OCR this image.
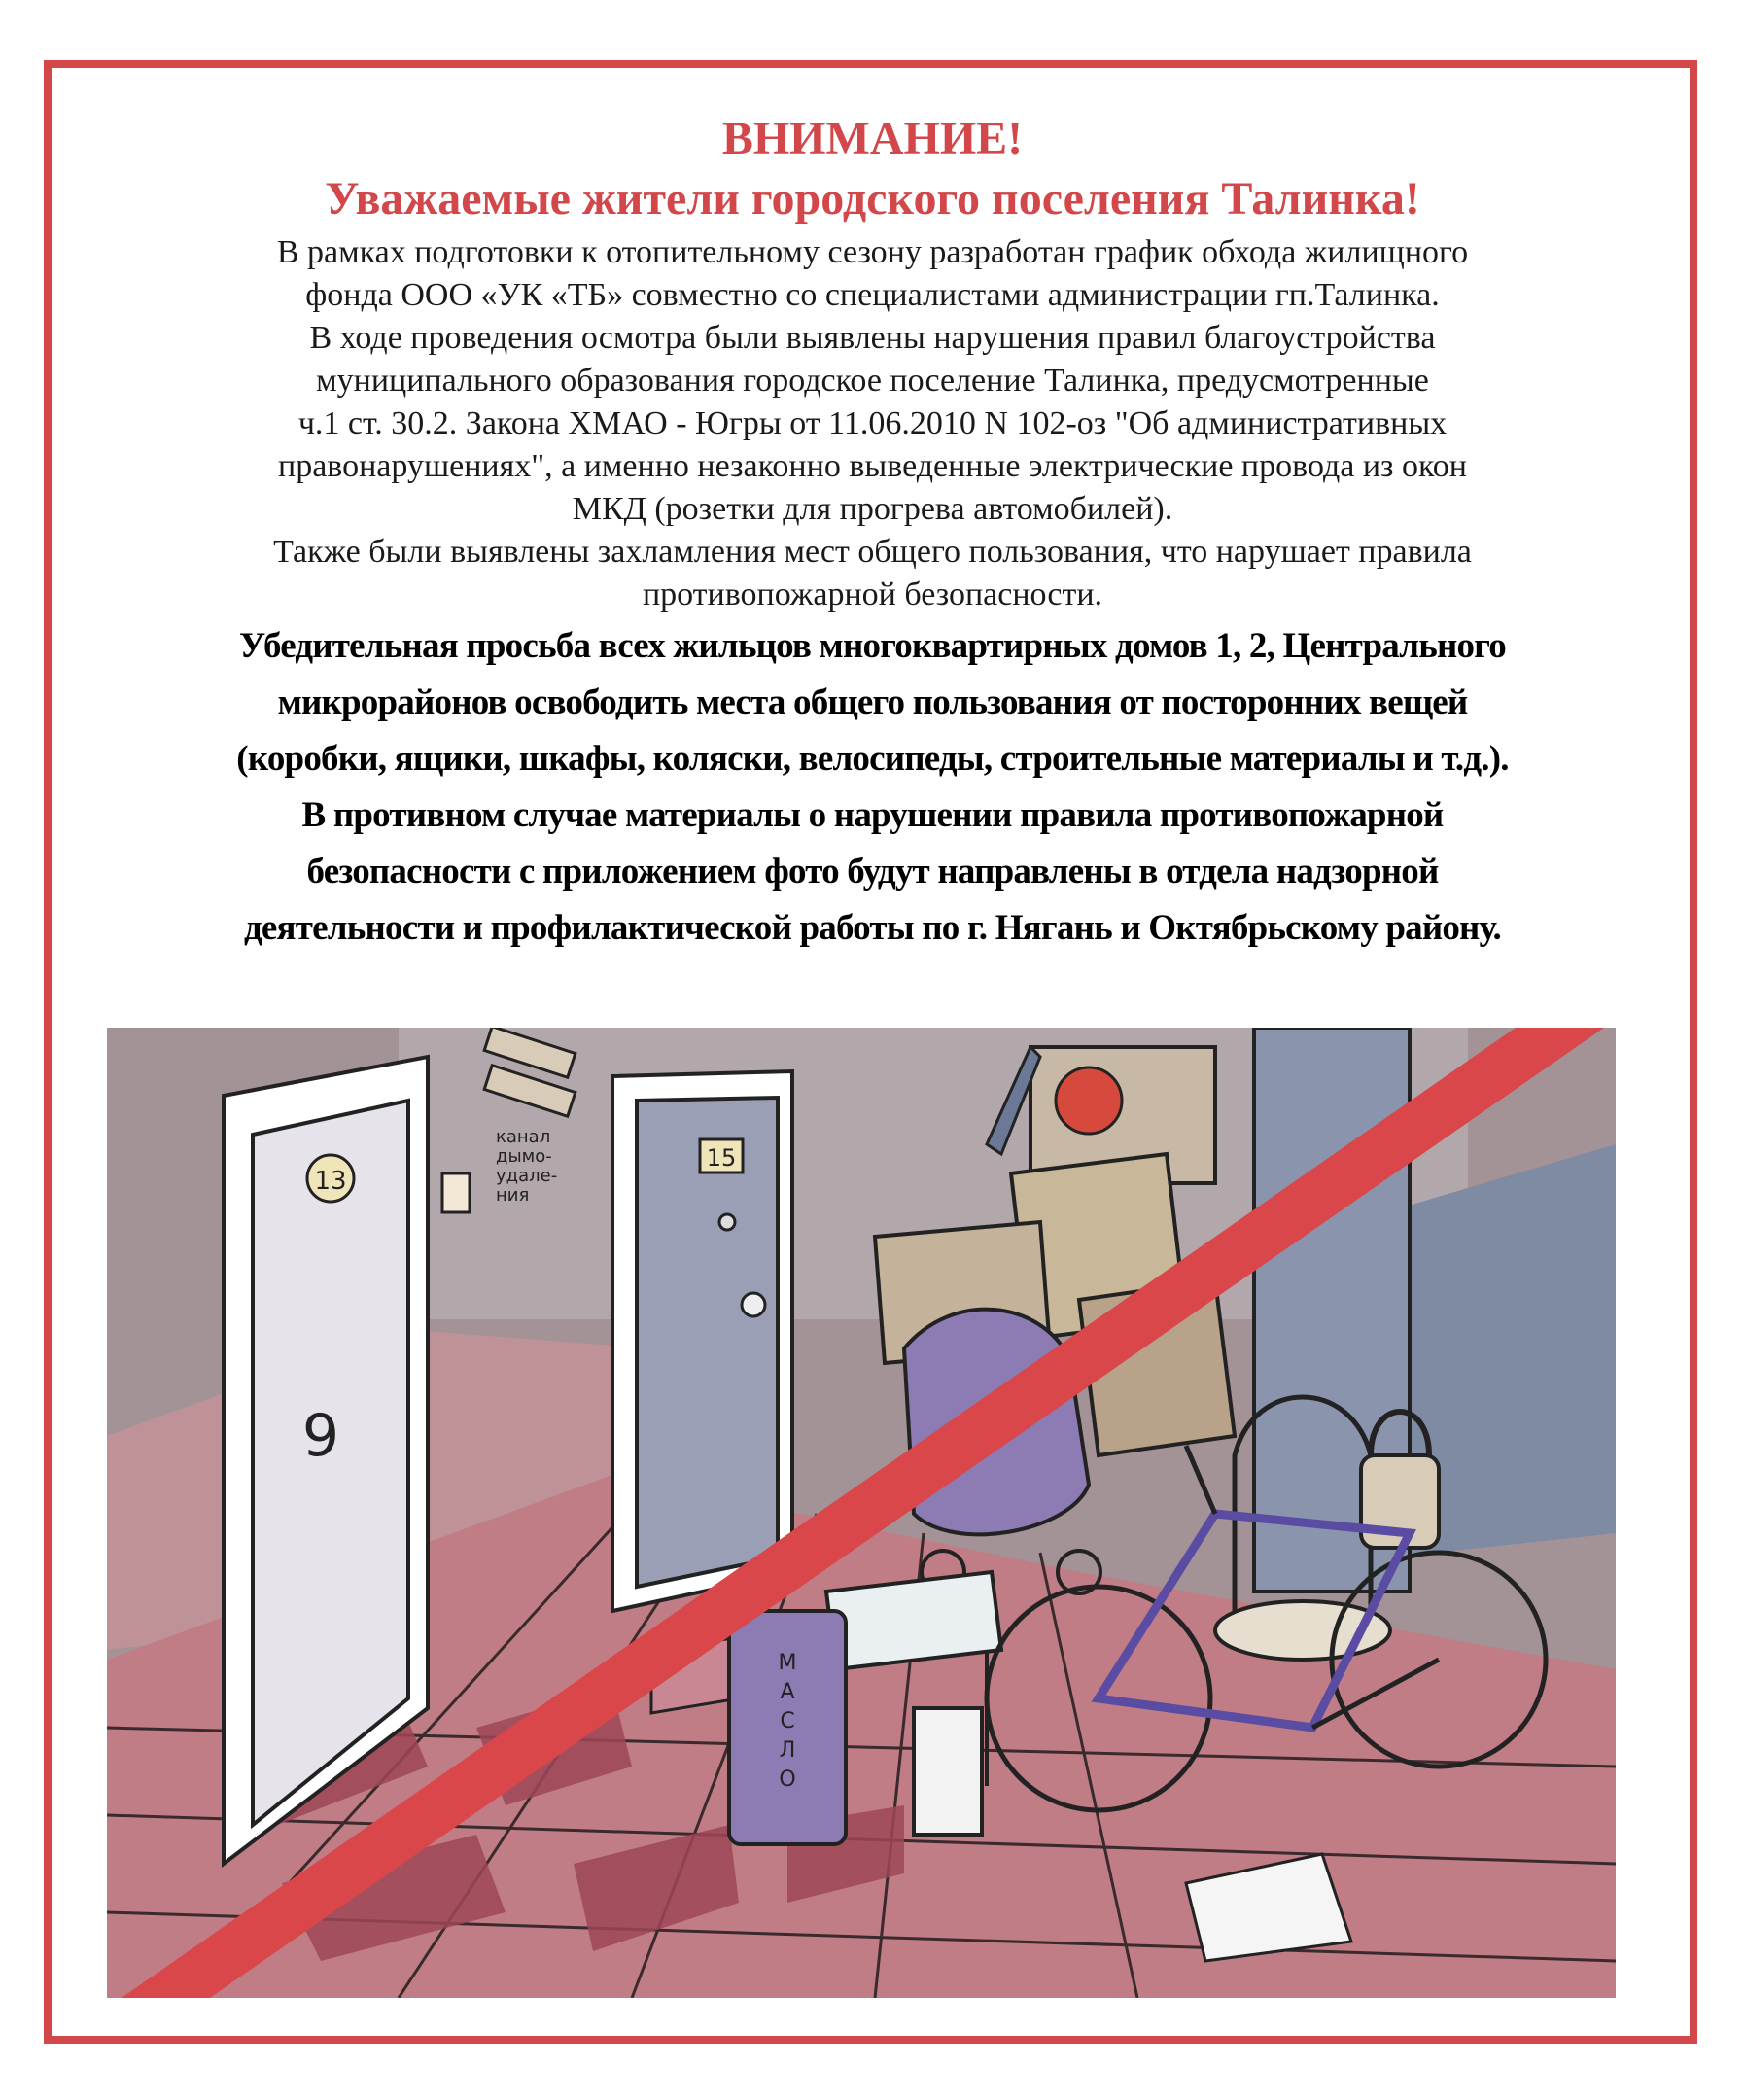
ВНИМАНИЕ!
Уважаемые жители городского поселения Талинка!

В рамках подготовки к отопительному сезону разработан график обхода жилищного

фонда ООО «УК «ТБ» совместно со специалистами администрации гп.Талинка.

В ходе проведения осмотра были выявлены нарушения правил благоустройства

муниципального образования городское поселение Талинка, предусмотренные

ч.1 ст. 30.2. Закона ХМАО - Югры от 11.06.2010 N 102-оз "Об административных

правонарушениях", а именно незаконно выведенные электрические провода из окон

МКД (розетки для прогрева автомобилей).

Также были выявлены захламления мест общего пользования, что нарушает правила

противопожарной безопасности.

Убедительная просьба всех жильцов многоквартирных домов 1, 2, Центрального

микрорайонов освободить места общего пользования от посторонних вещей

(коробки, ящики, шкафы, коляски, велосипеды, строительные материалы и т.д.).

В противном случае материалы о нарушении правила противопожарной

безопасности с приложением фото будут направлены в отдела надзорной

деятельности и профилактической работы по г. Нягань и Октябрьскому району.

13
9
канал
дымо-
удале-
ния
15
М
А
С
Л
О
